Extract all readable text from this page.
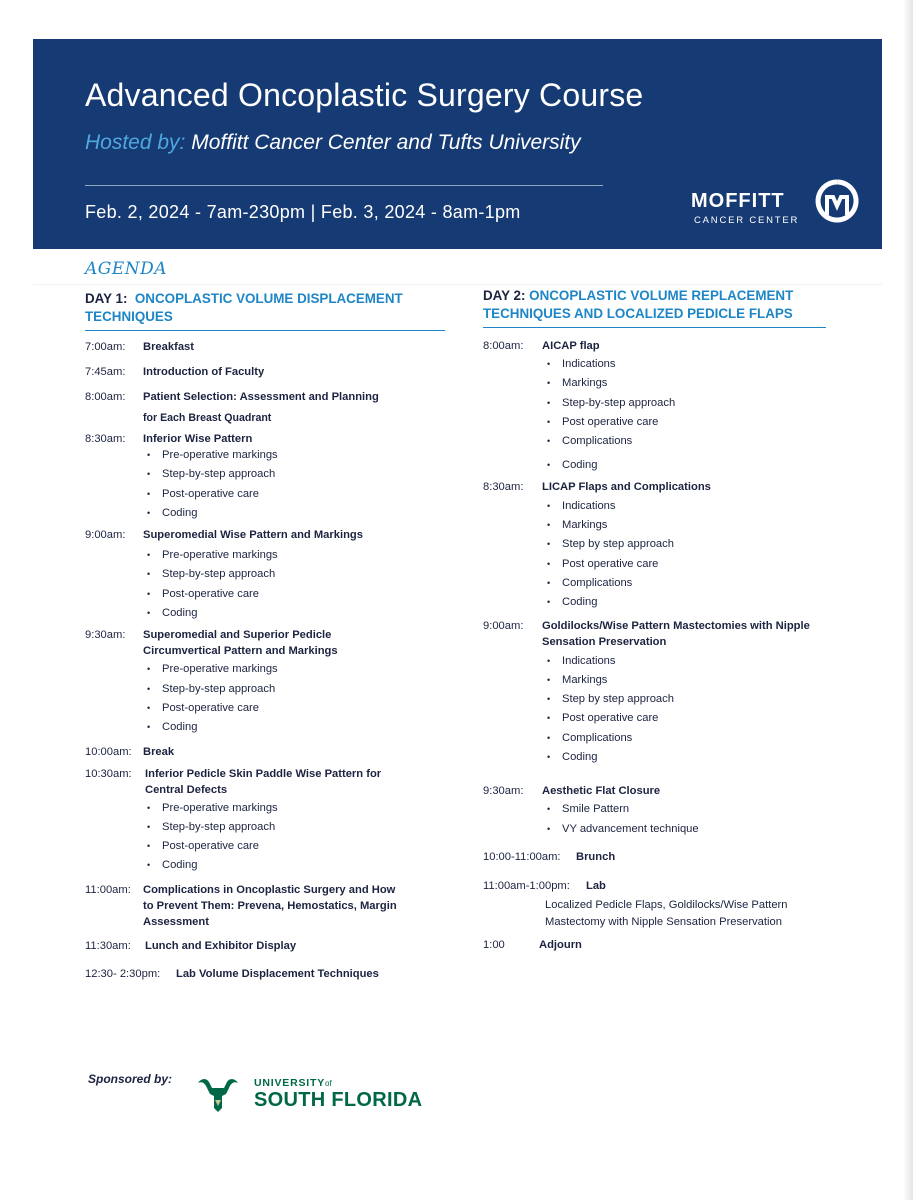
Advanced Oncoplastic Surgery Course
Hosted by: Moffitt Cancer Center and Tufts University
Feb. 2, 2024 - 7am-230pm | Feb. 3, 2024 - 8am-1pm	MOFFITT
CANCER CENTER
AGENDA
DAY 1: ONCOPLASTIC VOLUME DISPLACEMENT TECHNIQUES
7:00am:	Breakfast
7:45am:	Introduction of Faculty
8:00am:	Patient Selection: Assessment and Planning
for Each Breast Quadrant
8:30am:	Inferior Wise Pattern
• Pre-operative markings
• Step-by-step approach
• Post-operative care
• Coding
9:00am:	Superomedial Wise Pattern and Markings
• Pre-operative markings
• Step-by-step approach
• Post-operative care
• Coding
9:30am:	Superomedial and Superior Pedicle Circumvertical Pattern and Markings
• Pre-operative markings
• Step-by-step approach
• Post-operative care
• Coding
10:00am:	Break
10:30am:	Inferior Pedicle Skin Paddle Wise Pattern for Central Defects
• Pre-operative markings
• Step-by-step approach
• Post-operative care
• Coding
11:00am:	Complications in Oncoplastic Surgery and How to Prevent Them: Prevena, Hemostatics, Margin Assessment
11:30am:	Lunch and Exhibitor Display
12:30- 2:30pm:	Lab Volume Displacement Techniques
DAY 2: ONCOPLASTIC VOLUME REPLACEMENT TECHNIQUES AND LOCALIZED PEDICLE FLAPS
8:00am:	AICAP flap
• Indications
• Markings
• Step-by-step approach
• Post operative care
• Complications
• Coding
8:30am:	LICAP Flaps and Complications
• Indications
• Markings
• Step by step approach
• Post operative care
• Complications
• Coding
9:00am:	Goldilocks/Wise Pattern Mastectomies with Nipple Sensation Preservation
• Indications
• Markings
• Step by step approach
• Post operative care
• Complications
• Coding
9:30am:	Aesthetic Flat Closure
• Smile Pattern
• VY advancement technique
10:00-11:00am:	Brunch
11:00am-1:00pm:	Lab
Localized Pedicle Flaps, Goldilocks/Wise Pattern Mastectomy with Nipple Sensation Preservation
1:00	Adjourn
Sponsored by:	UNIVERSITYof
SOUTH FLORIDA
